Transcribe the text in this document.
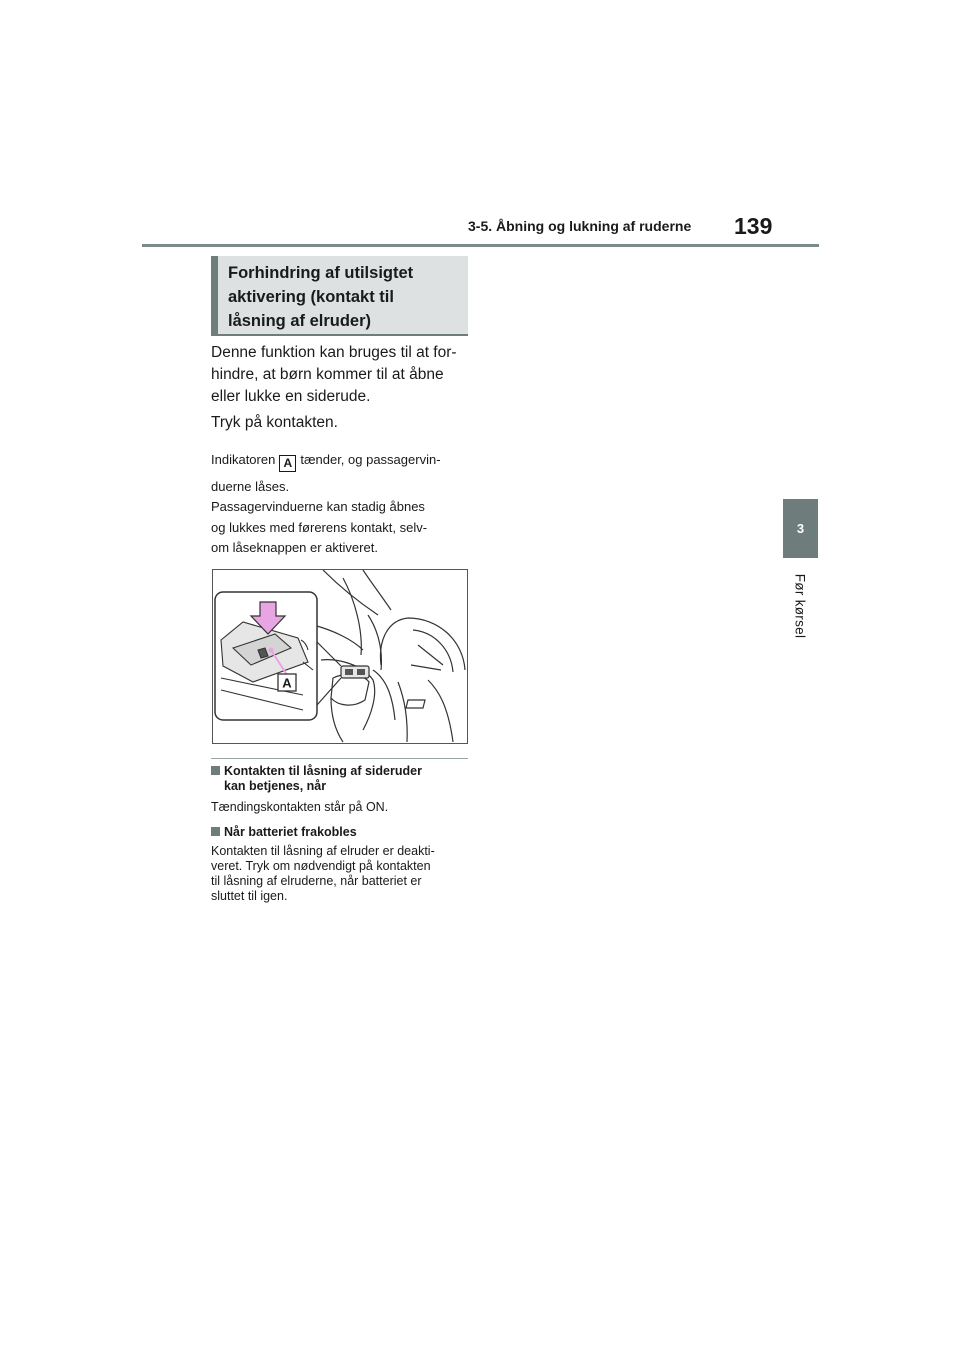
3-5. Åbning og lukning af ruderne 139
3
Før kørsel
Forhindring af utilsigtet
aktivering (kontakt til
låsning af elruder)
Denne funktion kan bruges til at for-
hindre, at børn kommer til at åbne
eller lukke en siderude.
Tryk på kontakten.
Indikatoren A tænder, og passagervin-
duerne låses.
Passagervinduerne kan stadig åbnes
og lukkes med førerens kontakt, selv-
om låseknappen er aktiveret.
A
Kontakten til låsning af sideruder
kan betjenes, når
Tændingskontakten står på ON.
Når batteriet frakobles
Kontakten til låsning af elruder er deakti-
veret. Tryk om nødvendigt på kontakten
til låsning af elruderne, når batteriet er
sluttet til igen.
